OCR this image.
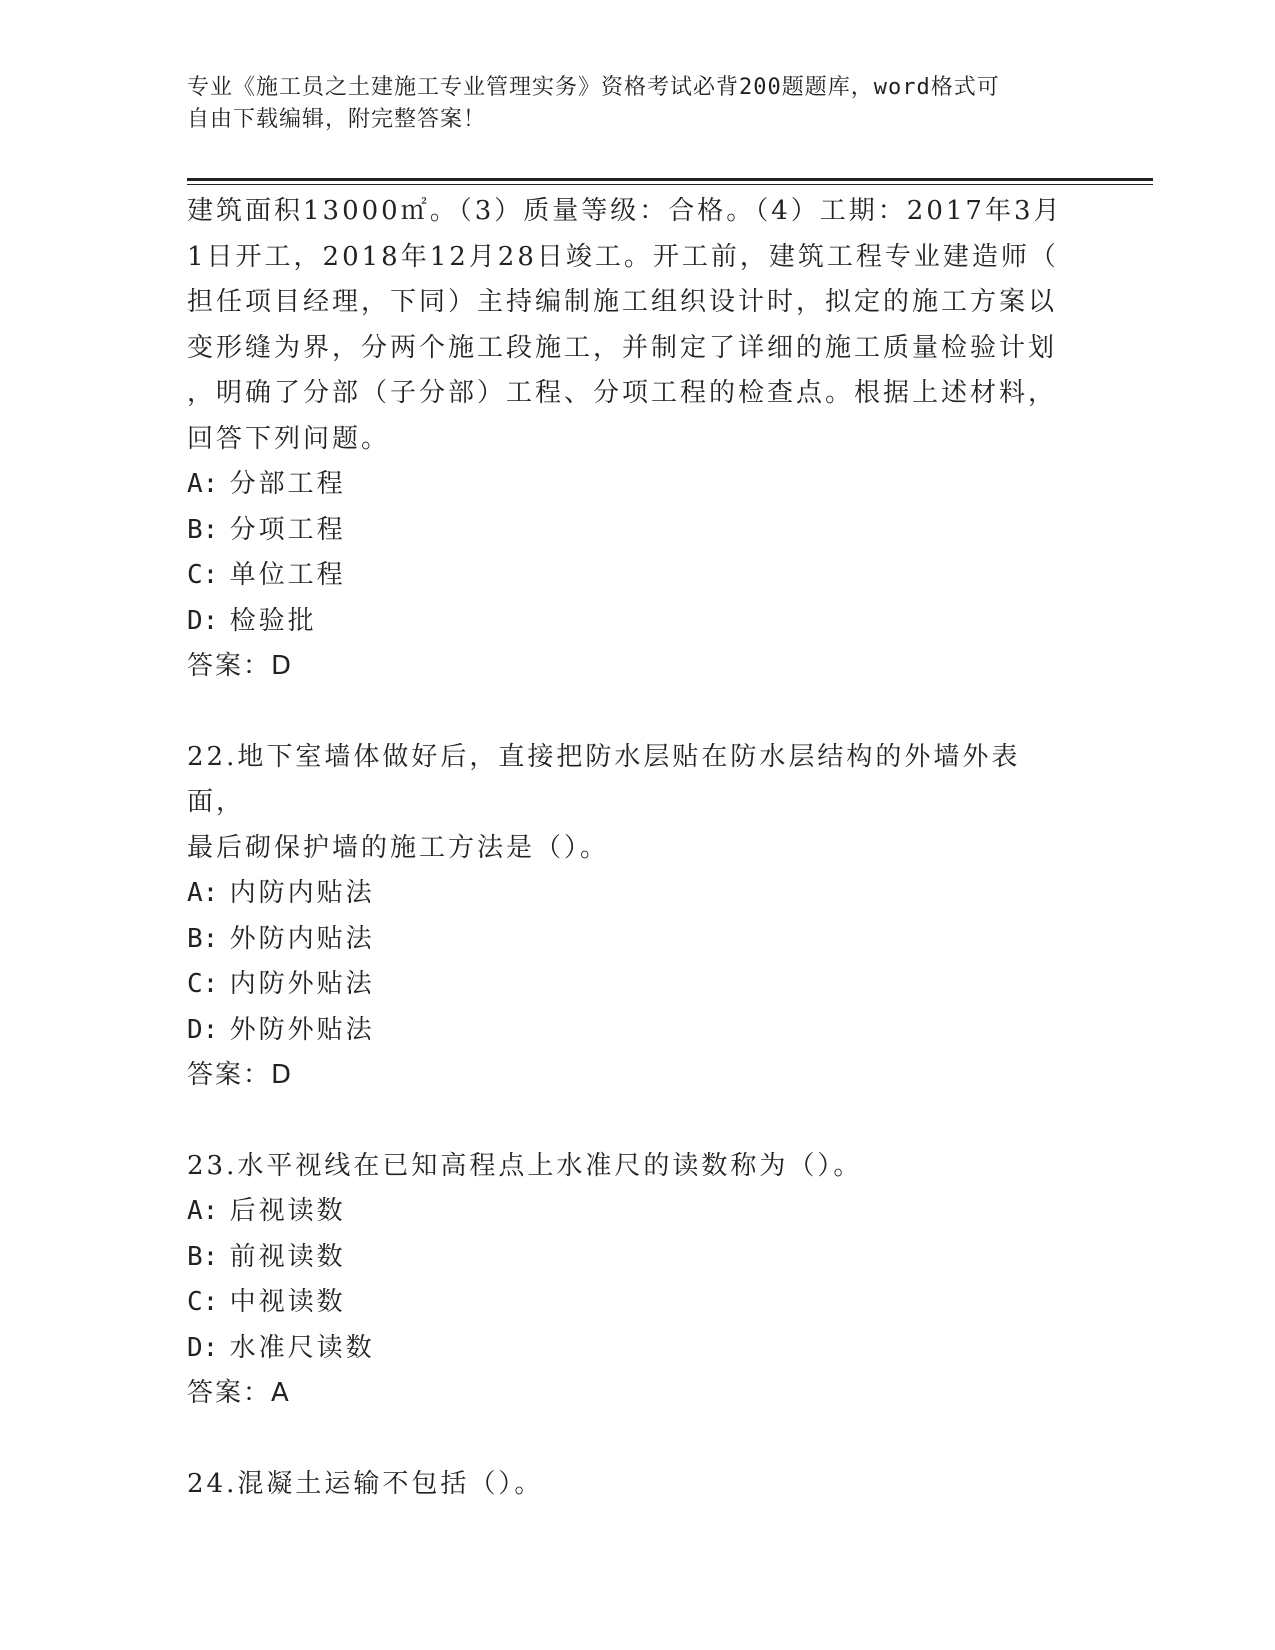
专业《施工员之土建施工专业管理实务》资格考试必背200题题库，word格式可
自由下载编辑，附完整答案！
建筑面积13000㎡。（3）质量等级：合格。（4）工期：2017年3月
1日开工，2018年12月28日竣工。开工前，建筑工程专业建造师（
担任项目经理，下同）主持编制施工组织设计时，拟定的施工方案以
变形缝为界，分两个施工段施工，并制定了详细的施工质量检验计划
，明确了分部（子分部）工程、分项工程的检查点。根据上述材料，
回答下列问题。
A: 分部工程
B: 分项工程
C: 单位工程
D: 检验批
答案：D
22.地下室墙体做好后，直接把防水层贴在防水层结构的外墙外表面，
最后砌保护墙的施工方法是（）。
A: 内防内贴法
B: 外防内贴法
C: 内防外贴法
D: 外防外贴法
答案：D
23.水平视线在已知高程点上水准尺的读数称为（）。
A: 后视读数
B: 前视读数
C: 中视读数
D: 水准尺读数
答案：A
24.混凝土运输不包括（）。
